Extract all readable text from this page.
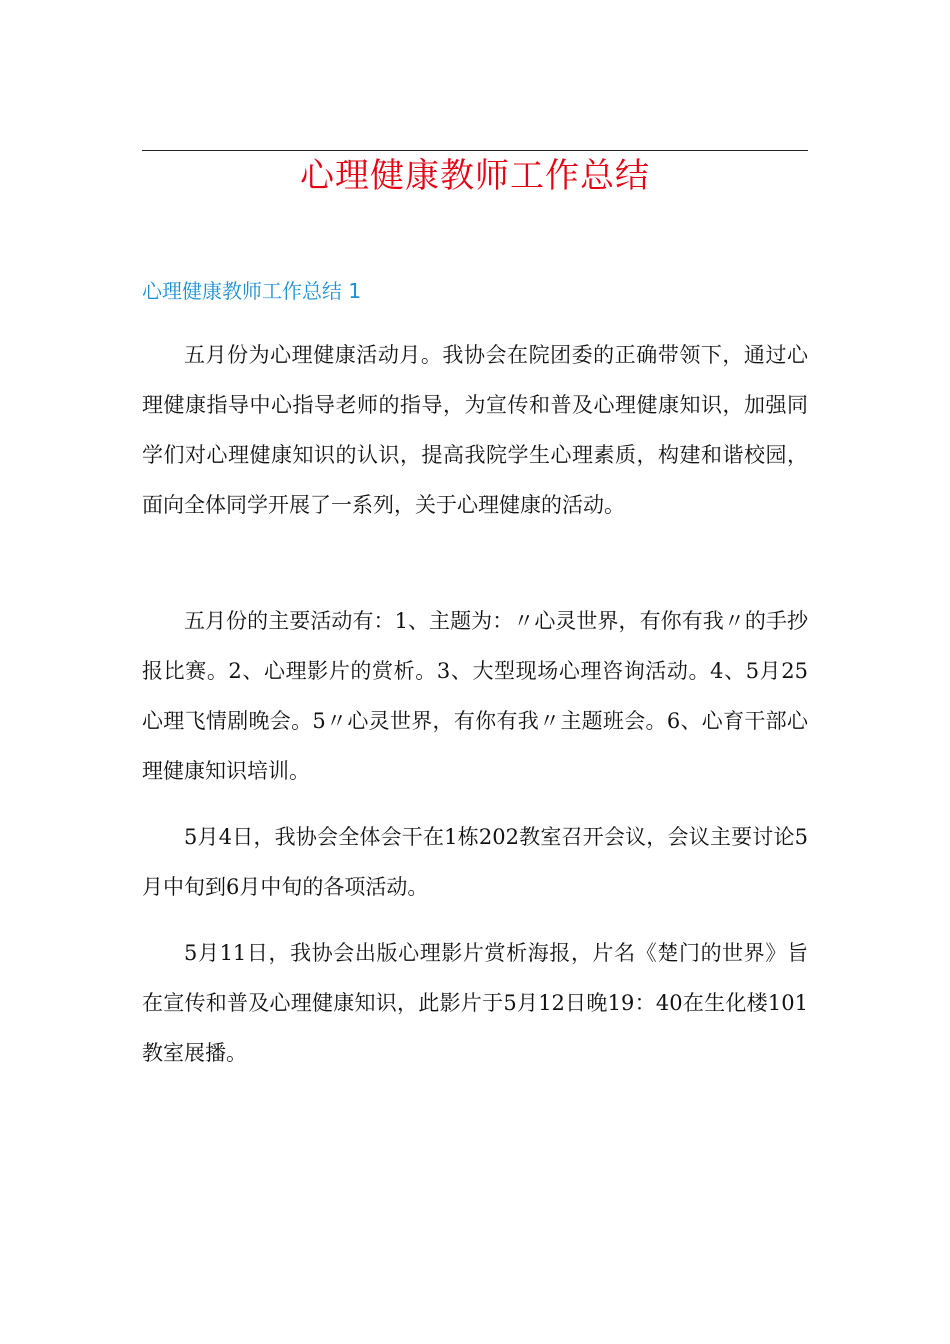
心理健康教师工作总结
心理健康教师工作总结 1

五月份为心理健康活动月。我协会在院团委的正确带领下，通过心理健康指导中心指导老师的指导，为宣传和普及心理健康知识，加强同学们对心理健康知识的认识，提高我院学生心理素质，构建和谐校园，面向全体同学开展了一系列，关于心理健康的活动。

五月份的主要活动有：1、主题为：〃心灵世界，有你有我〃的手抄报比赛。2、心理影片的赏析。3、大型现场心理咨询活动。4、5月25心理飞情剧晚会。5〃心灵世界，有你有我〃主题班会。6、心育干部心理健康知识培训。

5月4日，我协会全体会干在1栋202教室召开会议，会议主要讨论5月中旬到6月中旬的各项活动。

5月11日，我协会出版心理影片赏析海报，片名《楚门的世界》旨在宣传和普及心理健康知识，此影片于5月12日晚19：40在生化楼101教室展播。
